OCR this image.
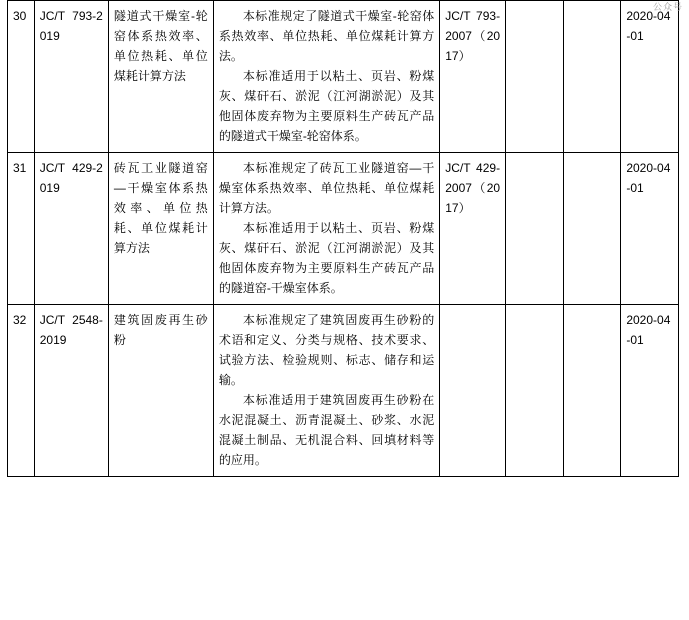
公众号
30	JC/T 793-2019	隧道式干燥室-轮窑体系热效率、单位热耗、单位煤耗计算方法	本标准规定了隧道式干燥室-轮窑体系热效率、单位热耗、单位煤耗计算方法。

本标准适用于以粘土、页岩、粉煤灰、煤矸石、淤泥（江河湖淤泥）及其他固体废弃物为主要原料生产砖瓦产品的隧道式干燥室-轮窑体系。	JC/T 793-2007（2017）			2020-04-01

31	JC/T 429-2019	砖瓦工业隧道窑—干燥室体系热效率、单位热耗、单位煤耗计算方法	本标准规定了砖瓦工业隧道窑—干燥室体系热效率、单位热耗、单位煤耗计算方法。

本标准适用于以粘土、页岩、粉煤灰、煤矸石、淤泥（江河湖淤泥）及其他固体废弃物为主要原料生产砖瓦产品的隧道窑-干燥室体系。	JC/T 429-2007（2017）			2020-04-01

32	JC/T 2548-2019	建筑固废再生砂粉	本标准规定了建筑固废再生砂粉的术语和定义、分类与规格、技术要求、试验方法、检验规则、标志、储存和运输。

本标准适用于建筑固废再生砂粉在水泥混凝土、沥青混凝土、砂浆、水泥混凝土制品、无机混合料、回填材料等的应用。				2020-04-01
